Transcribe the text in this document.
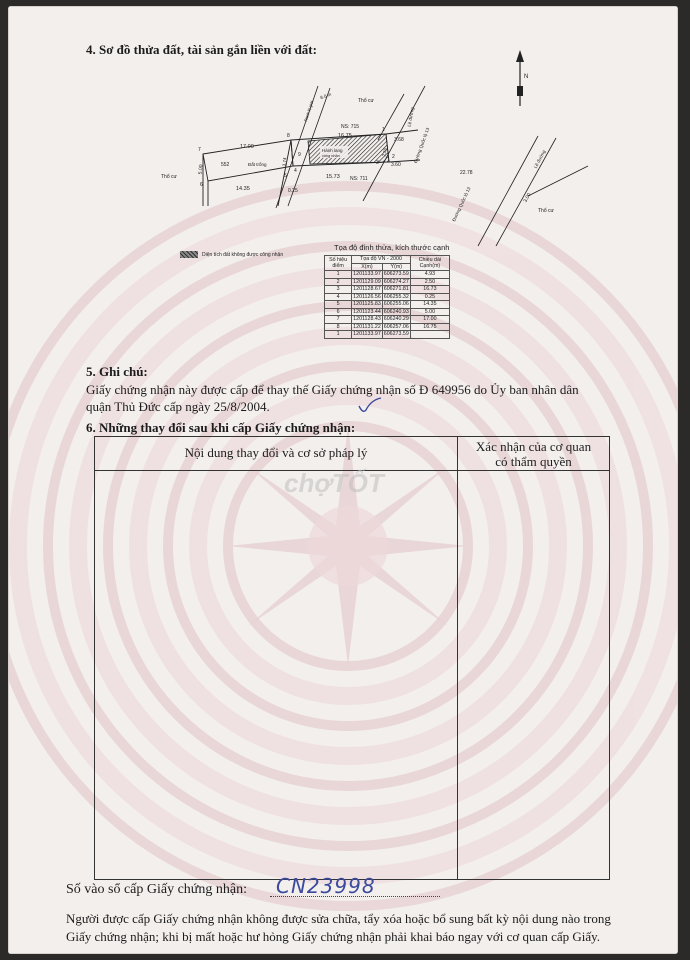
4. Sơ đồ thửa đất, tài sản gắn liền với đất:
N
Hành lang
công nhận
Thổ cư
Thổ cư
Thổ cư
Lề đường
Lề đường
Đất trống
Ranh lộ giới
Đường Quốc lộ 13
Đường Quốc lộ 13
NS: 715
NS: 711
552
1
2
3
4
5
6
7
8
9
17.00
16.75
14.35
15.73
5.00
3.74
0.25
3.68
2.50
22.78
3.00
3.60
8.0 m
Diện tích đất không được công nhận
Tọa độ đỉnh thửa, kích thước cạnh
Số hiệu điểm	Tọa độ VN - 2000		Chiều dài Cạnh(m)
	X(m)	Y(m)	
1	1201133.97	606273.59	4.93
2	1201129.09	606274.27	2.50
3	1201128.67	606271.81	16.73
4	1201126.56	606255.32	0.25
5	1201125.83	606255.06	14.35
6	1201123.44	606240.93	5.00
7	1201128.43	606240.29	17.00
8	1201131.22	606257.06	16.75
1	1201133.97	606273.59	
5. Ghi chú:
Giấy chứng nhận này được cấp để thay thế Giấy chứng nhận số Đ 649956 do Ủy ban nhân dân
quận Thủ Đức cấp ngày 25/8/2004.
6. Những thay đổi sau khi cấp Giấy chứng nhận:
Nội dung thay đổi và cơ sở pháp lý	Xác nhận của cơ quan
có thẩm quyền
chợTỐT
Số vào sổ cấp Giấy chứng nhận: CN23998
Người được cấp Giấy chứng nhận không được sửa chữa, tẩy xóa hoặc bổ sung bất kỳ nội dung nào trong
Giấy chứng nhận; khi bị mất hoặc hư hỏng Giấy chứng nhận phải khai báo ngay với cơ quan cấp Giấy.
